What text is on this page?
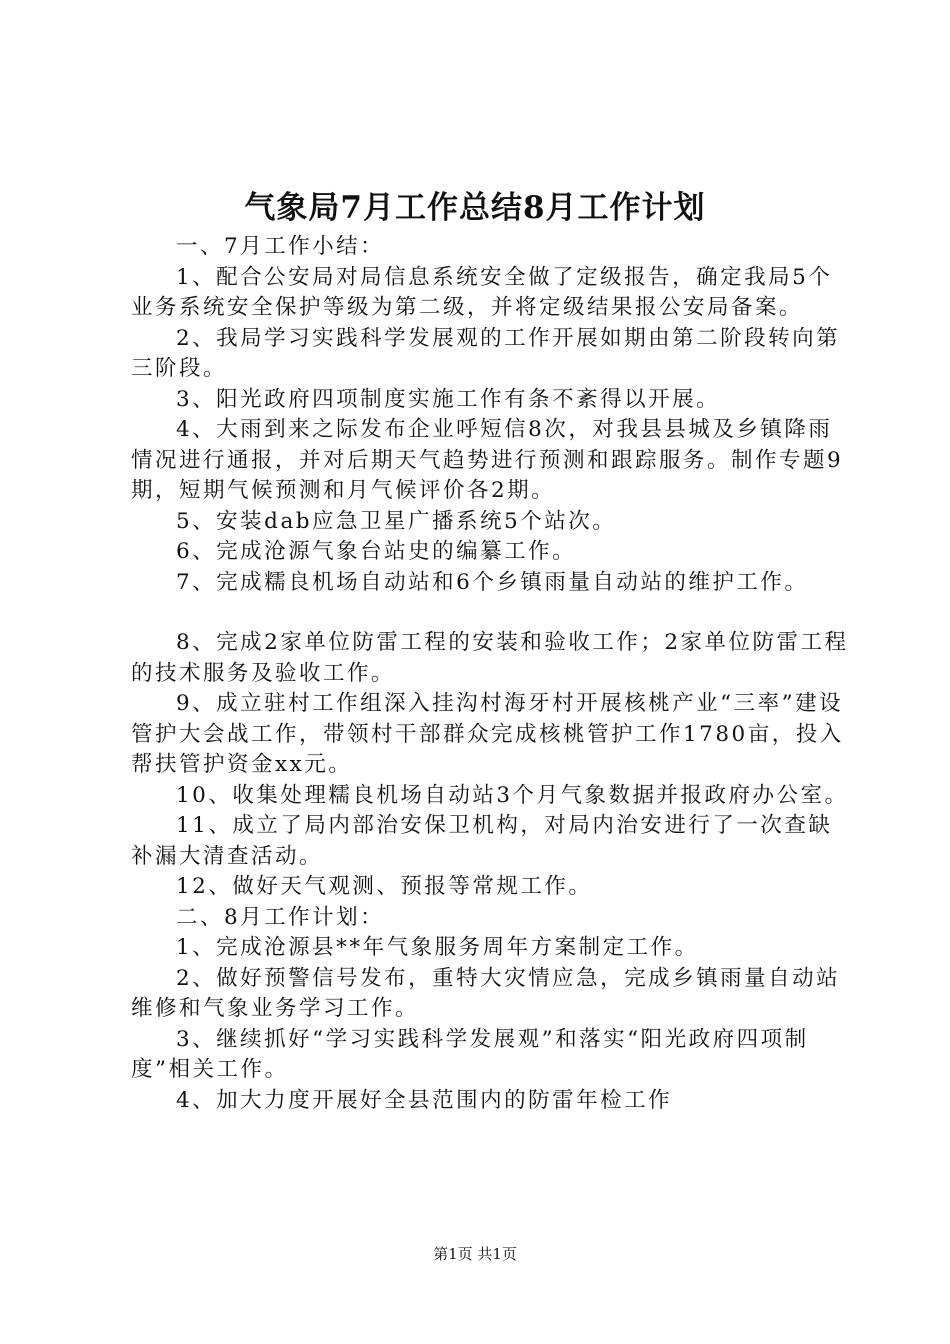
气象局7月工作总结8月工作计划

一、7月工作小结：

1、配合公安局对局信息系统安全做了定级报告，确定我局5个业务系统安全保护等级为第二级，并将定级结果报公安局备案。

2、我局学习实践科学发展观的工作开展如期由第二阶段转向第三阶段。

3、阳光政府四项制度实施工作有条不紊得以开展。

4、大雨到来之际发布企业呼短信8次，对我县县城及乡镇降雨情况进行通报，并对后期天气趋势进行预测和跟踪服务。制作专题9期，短期气候预测和月气候评价各2期。

5、安装dab应急卫星广播系统5个站次。

6、完成沧源气象台站史的编纂工作。

7、完成糯良机场自动站和6个乡镇雨量自动站的维护工作。

8、完成2家单位防雷工程的安装和验收工作；2家单位防雷工程的技术服务及验收工作。

9、成立驻村工作组深入挂沟村海牙村开展核桃产业“三率”建设管护大会战工作，带领村干部群众完成核桃管护工作1780亩，投入帮扶管护资金xx元。

10、收集处理糯良机场自动站3个月气象数据并报政府办公室。

11、成立了局内部治安保卫机构，对局内治安进行了一次查缺补漏大清查活动。

12、做好天气观测、预报等常规工作。

二、8月工作计划：

1、完成沧源县**年气象服务周年方案制定工作。

2、做好预警信号发布，重特大灾情应急，完成乡镇雨量自动站维修和气象业务学习工作。

3、继续抓好“学习实践科学发展观”和落实“阳光政府四项制度”相关工作。

4、加大力度开展好全县范围内的防雷年检工作

第1页 共1页
